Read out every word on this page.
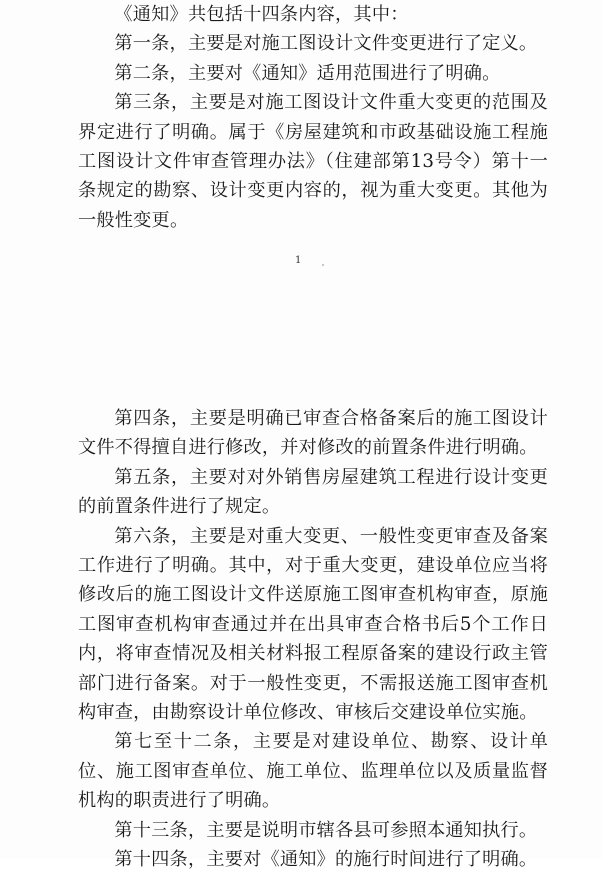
《通知》共包括十四条内容，其中：

第一条，主要是对施工图设计文件变更进行了定义。

第二条，主要对《通知》适用范围进行了明确。

第三条，主要是对施工图设计文件重大变更的范围及界定进行了明确。属于《房屋建筑和市政基础设施工程施工图设计文件审查管理办法》（住建部第13号令）第十一条规定的勘察、设计变更内容的，视为重大变更。其他为一般性变更。

1

第四条，主要是明确已审查合格备案后的施工图设计文件不得擅自进行修改，并对修改的前置条件进行明确。

第五条，主要对对外销售房屋建筑工程进行设计变更的前置条件进行了规定。

第六条，主要是对重大变更、一般性变更审查及备案工作进行了明确。其中，对于重大变更，建设单位应当将修改后的施工图设计文件送原施工图审查机构审查，原施工图审查机构审查通过并在出具审查合格书后5个工作日内，将审查情况及相关材料报工程原备案的建设行政主管部门进行备案。对于一般性变更，不需报送施工图审查机构审查，由勘察设计单位修改、审核后交建设单位实施。

第七至十二条，主要是对建设单位、勘察、设计单位、施工图审查单位、施工单位、监理单位以及质量监督机构的职责进行了明确。

第十三条，主要是说明市辖各县可参照本通知执行。

第十四条，主要对《通知》的施行时间进行了明确。
